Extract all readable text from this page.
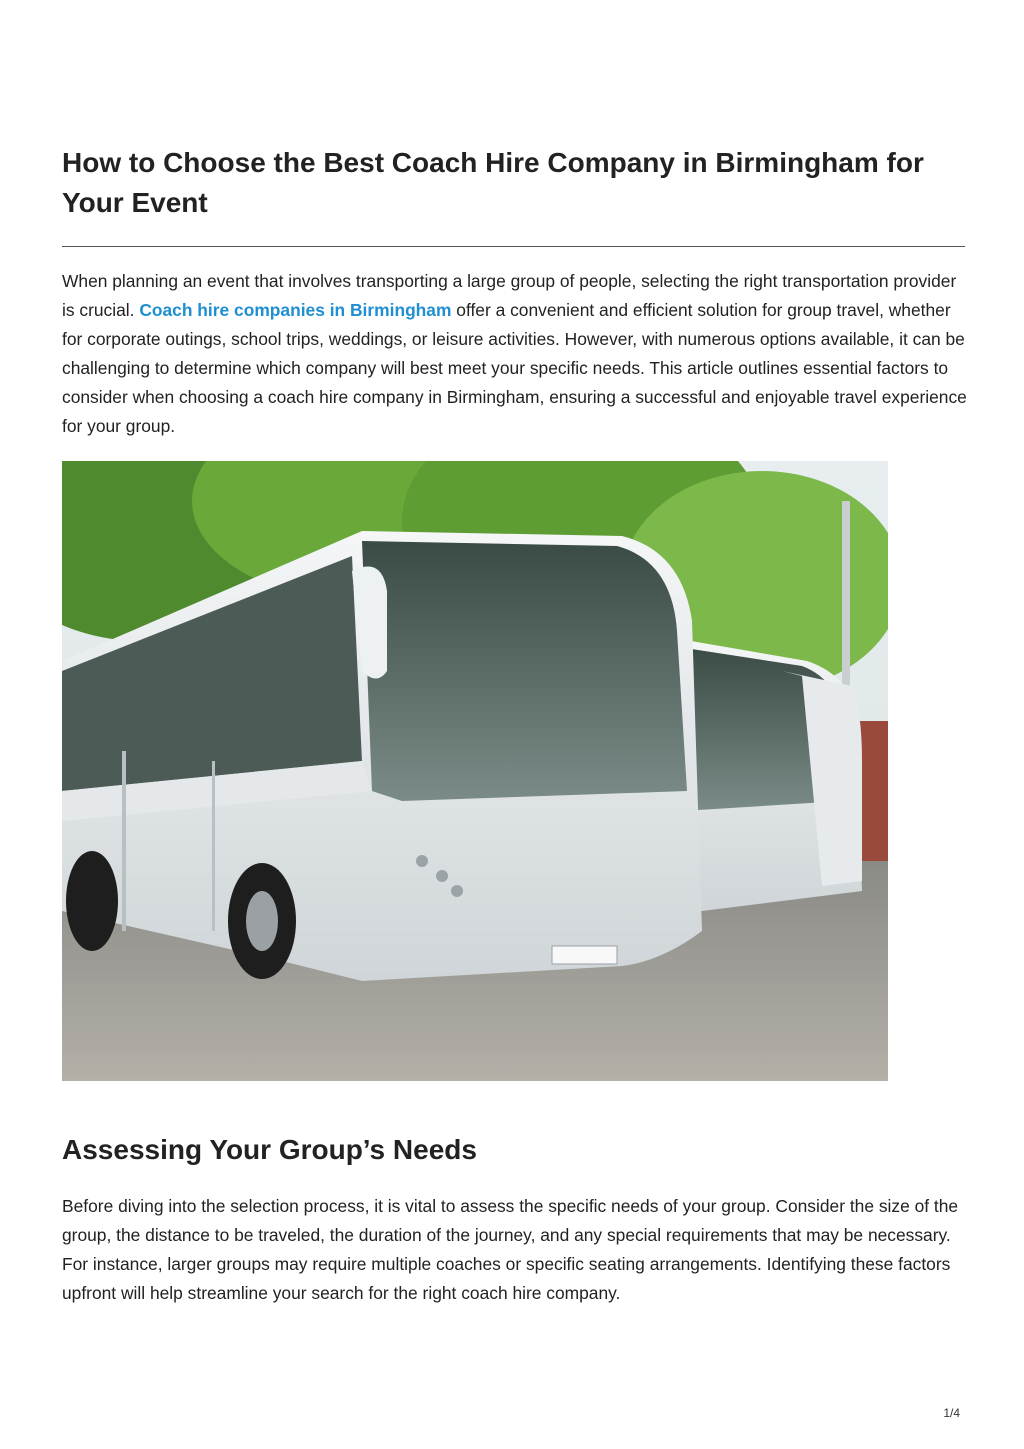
How to Choose the Best Coach Hire Company in Birmingham for Your Event

When planning an event that involves transporting a large group of people, selecting the right transportation provider is crucial. Coach hire companies in Birmingham offer a convenient and efficient solution for group travel, whether for corporate outings, school trips, weddings, or leisure activities. However, with numerous options available, it can be challenging to determine which company will best meet your specific needs. This article outlines essential factors to consider when choosing a coach hire company in Birmingham, ensuring a successful and enjoyable travel experience for your group.

Assessing Your Group’s Needs

Before diving into the selection process, it is vital to assess the specific needs of your group. Consider the size of the group, the distance to be traveled, the duration of the journey, and any special requirements that may be necessary. For instance, larger groups may require multiple coaches or specific seating arrangements. Identifying these factors upfront will help streamline your search for the right coach hire company.

1/4
